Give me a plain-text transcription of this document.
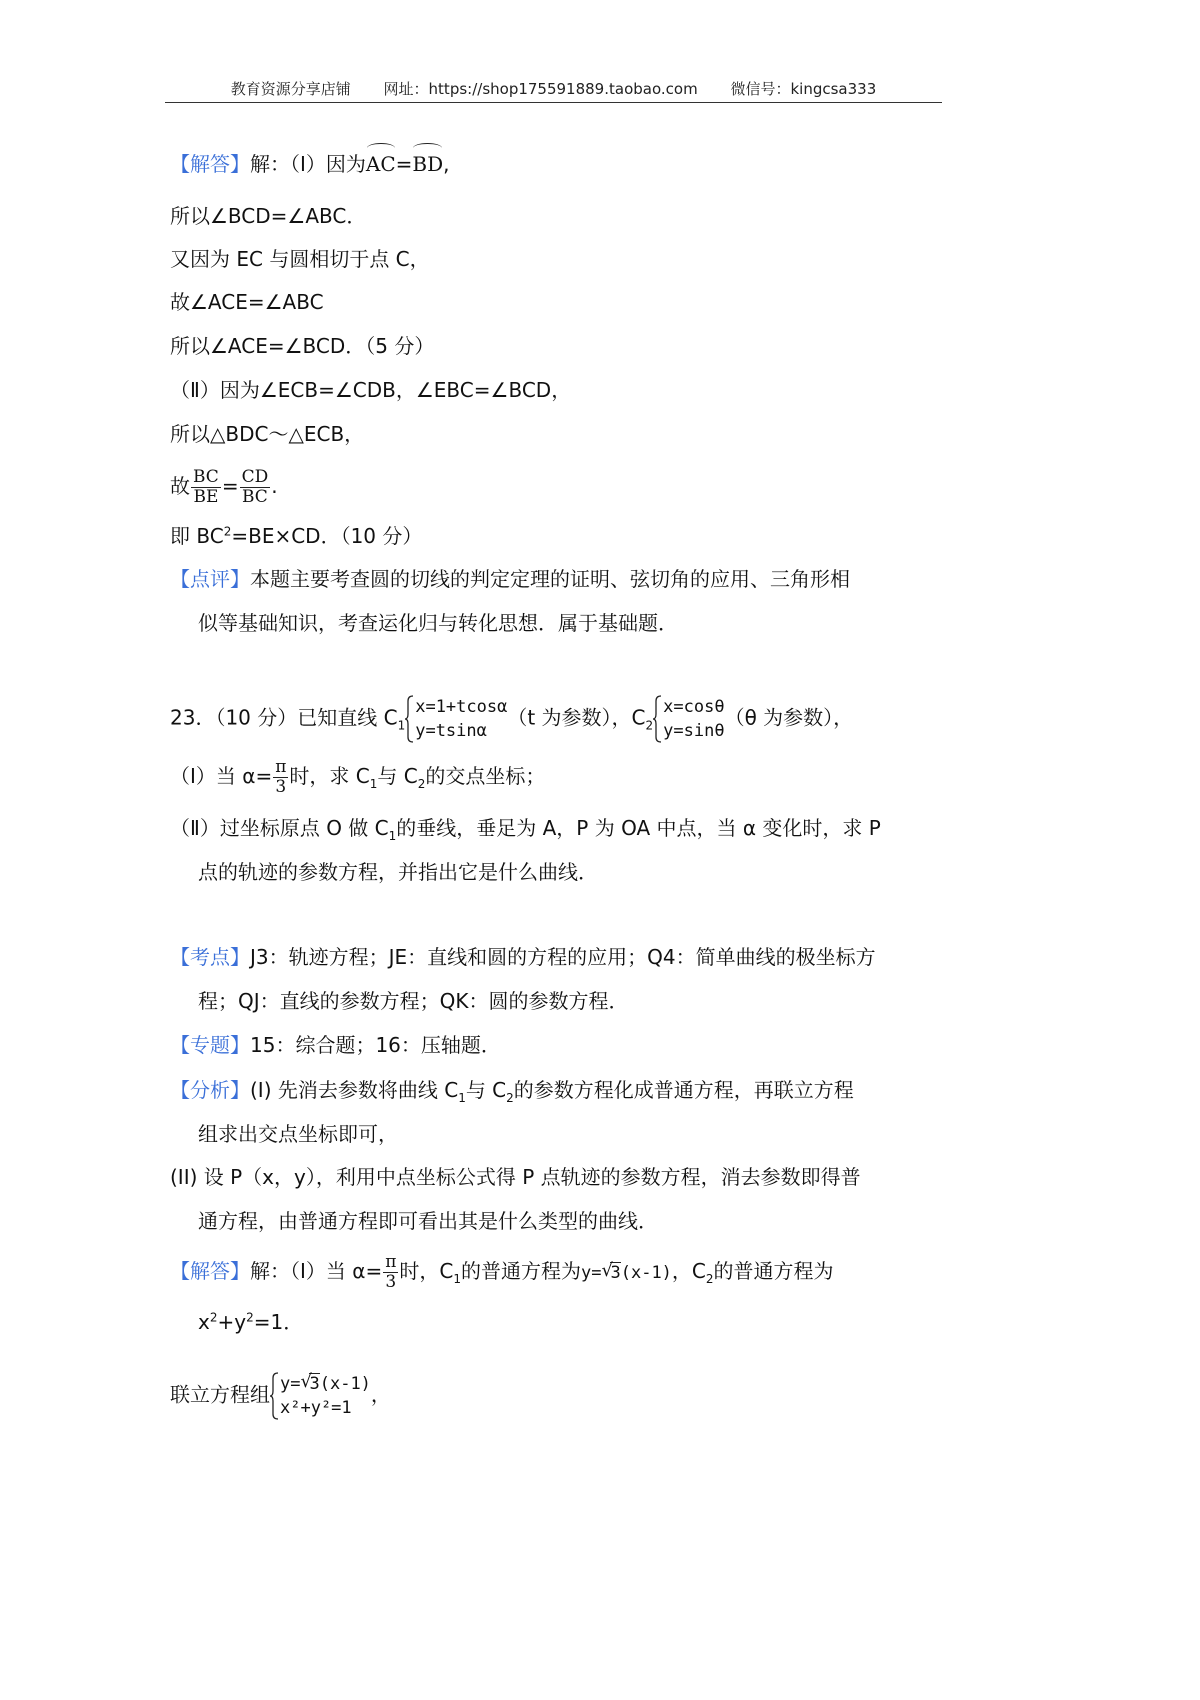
教育资源分享店铺 网址：https://shop175591889.taobao.com 微信号：kingcsa333
【解答】解：（Ⅰ）因为AC=BD,
所以∠BCD=∠ABC．
又因为 EC 与圆相切于点 C，
故∠ACE=∠ABC
所以∠ACE=∠BCD．（5 分）
（Ⅱ）因为∠ECB=∠CDB，∠EBC=∠BCD，
所以△BDC～△ECB，
故 $\frac{BC}{BE} = \frac{CD}{BC}$ .
即 $BC^2=BE\times CD$．（10 分）
【点评】本题主要考查圆的切线的判定定理的证明、弦切角的应用、三角形相
似等基础知识，考查运化归与转化思想．属于基础题．
23．（10 分）已知直线 $C_1$
x=1+tcosα
y=tsinα
（t 为参数），$C_2$
x=cosθ
y=sinθ
（θ 为参数），
（Ⅰ）当 $\alpha= \frac{\pi}{3}$ 时，求 $C_1$与 $C_2$的交点坐标；
（Ⅱ）过坐标原点 O 做 $C_1$的垂线，垂足为 A，P 为 OA 中点，当 α 变化时，求 P
点的轨迹的参数方程，并指出它是什么曲线．
【考点】J3：轨迹方程；JE：直线和圆的方程的应用；Q4：简单曲线的极坐标方
程；QJ：直线的参数方程；QK：圆的参数方程．
【专题】15：综合题；16：压轴题．
【分析】(I) 先消去参数将曲线 $C_1$与 $C_2$的参数方程化成普通方程，再联立方程
组求出交点坐标即可，
(II) 设 P（x，y），利用中点坐标公式得 P 点轨迹的参数方程，消去参数即得普
通方程，由普通方程即可看出其是什么类型的曲线．
【解答】解：（Ⅰ）当 $\alpha= \frac{\pi}{3}$ 时，$C_1$的普通方程为y= √ 3(x-1)，$C_2$的普通方程为
$x^2+y^2=1$．
联立方程组 y= √ 3(x-1)
x²+y²=1
，
